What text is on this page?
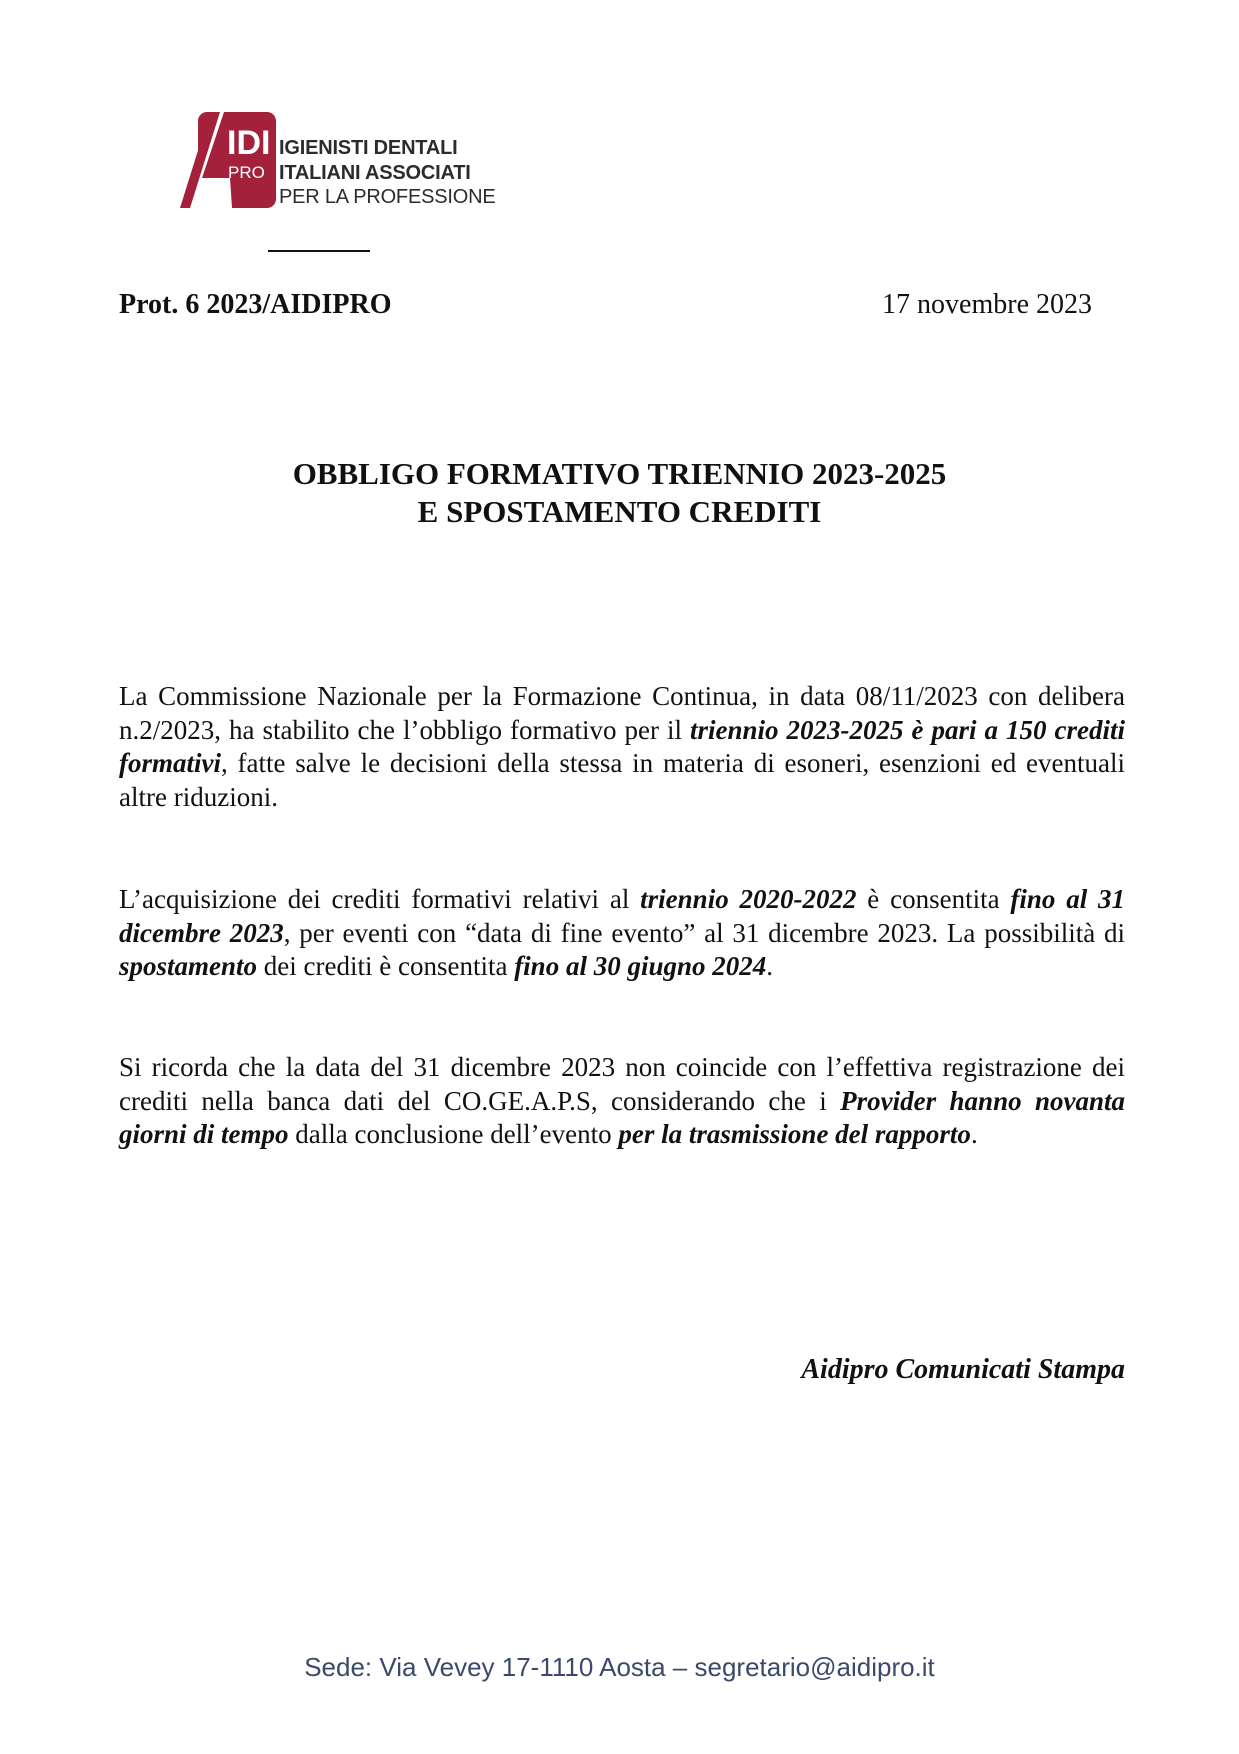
IDI
PRO
IGIENISTI DENTALI
ITALIANI ASSOCIATI
PER LA PROFESSIONE
Prot. 6 2023/AIDIPRO	17 novembre 2023
OBBLIGO FORMATIVO TRIENNIO 2023-2025
E SPOSTAMENTO CREDITI

La Commissione Nazionale per la Formazione Continua, in data 08/11/2023 con delibera n.2/2023, ha stabilito che l’obbligo formativo per il triennio 2023-2025 è pari a 150 crediti formativi, fatte salve le decisioni della stessa in materia di esoneri, esenzioni ed eventuali altre riduzioni.

L’acquisizione dei crediti formativi relativi al triennio 2020-2022 è consentita fino al 31 dicembre 2023, per eventi con “data di fine evento” al 31 dicembre 2023. La possibilità di spostamento dei crediti è consentita fino al 30 giugno 2024.

Si ricorda che la data del 31 dicembre 2023 non coincide con l’effettiva registrazione dei crediti nella banca dati del CO.GE.A.P.S, considerando che i Provider hanno novanta giorni di tempo dalla conclusione dell’evento per la trasmissione del rapporto.

Aidipro Comunicati Stampa
Sede: Via Vevey 17-1110 Aosta – segretario@aidipro.it
